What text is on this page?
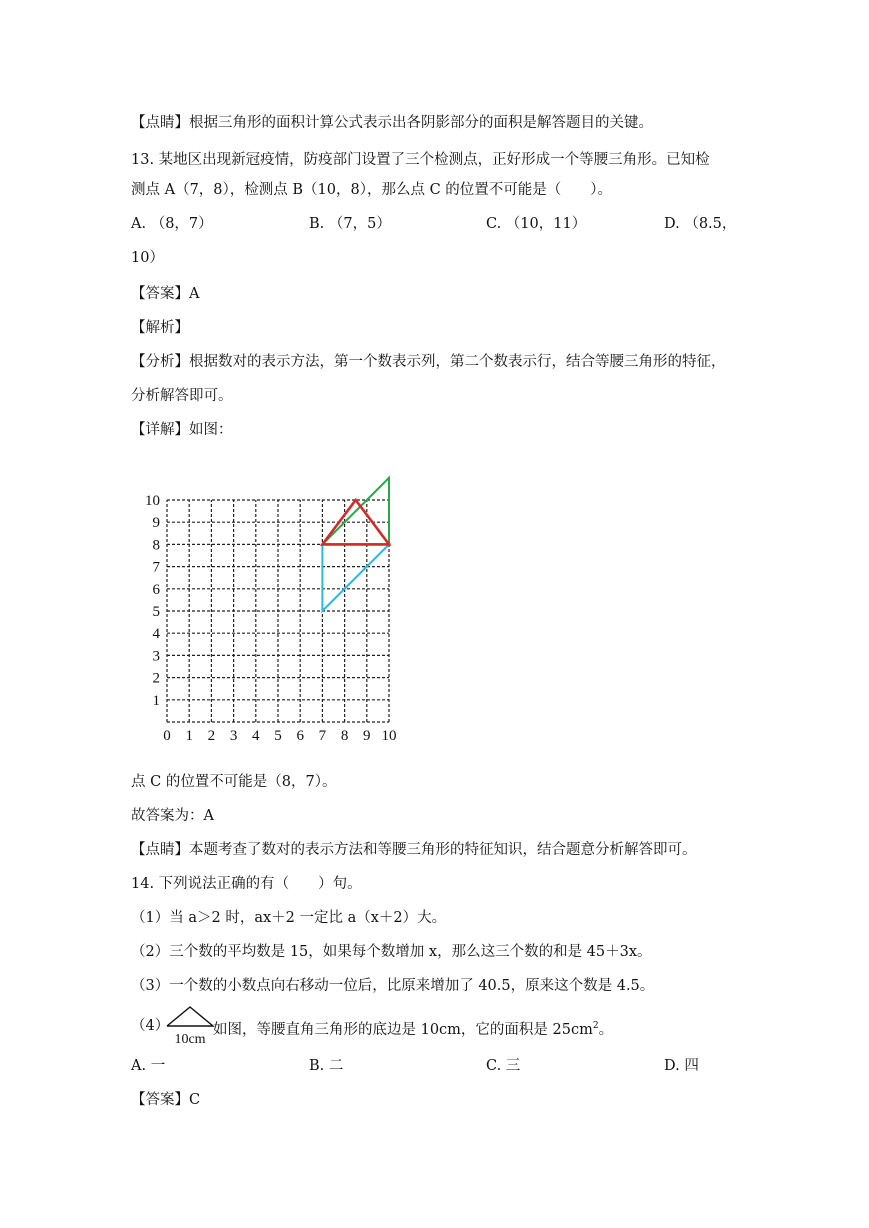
【点睛】根据三角形的面积计算公式表示出各阴影部分的面积是解答题目的关键。
13. 某地区出现新冠疫情，防疫部门设置了三个检测点，正好形成一个等腰三角形。已知检
测点 A（7，8），检测点 B（10，8），那么点 C 的位置不可能是（　　）。
A. （8，7）	B. （7，5）	C. （10，11）	D. （8.5，
10）
【答案】A
【解析】
【分析】根据数对的表示方法，第一个数表示列，第二个数表示行，结合等腰三角形的特征，
分析解答即可。
【详解】如图：
0 1 2 3 4 5 6 7 8 9 10
1
2
3
4
5
6
7
8
9
10
点 C 的位置不可能是（8，7）。
故答案为：A
【点睛】本题考查了数对的表示方法和等腰三角形的特征知识，结合题意分析解答即可。
14. 下列说法正确的有（　　）句。
（1）当 a＞2 时，ax＋2 一定比 a（x＋2）大。
（2）三个数的平均数是 15，如果每个数增加 x，那么这三个数的和是 45＋3x。
（3）一个数的小数点向右移动一位后，比原来增加了 40.5，原来这个数是 4.5。
（4）
10cm
如图，等腰直角三角形的底边是 10cm，它的面积是 $25cm^2$。
A. 一	B. 二	C. 三	D. 四
【答案】C
